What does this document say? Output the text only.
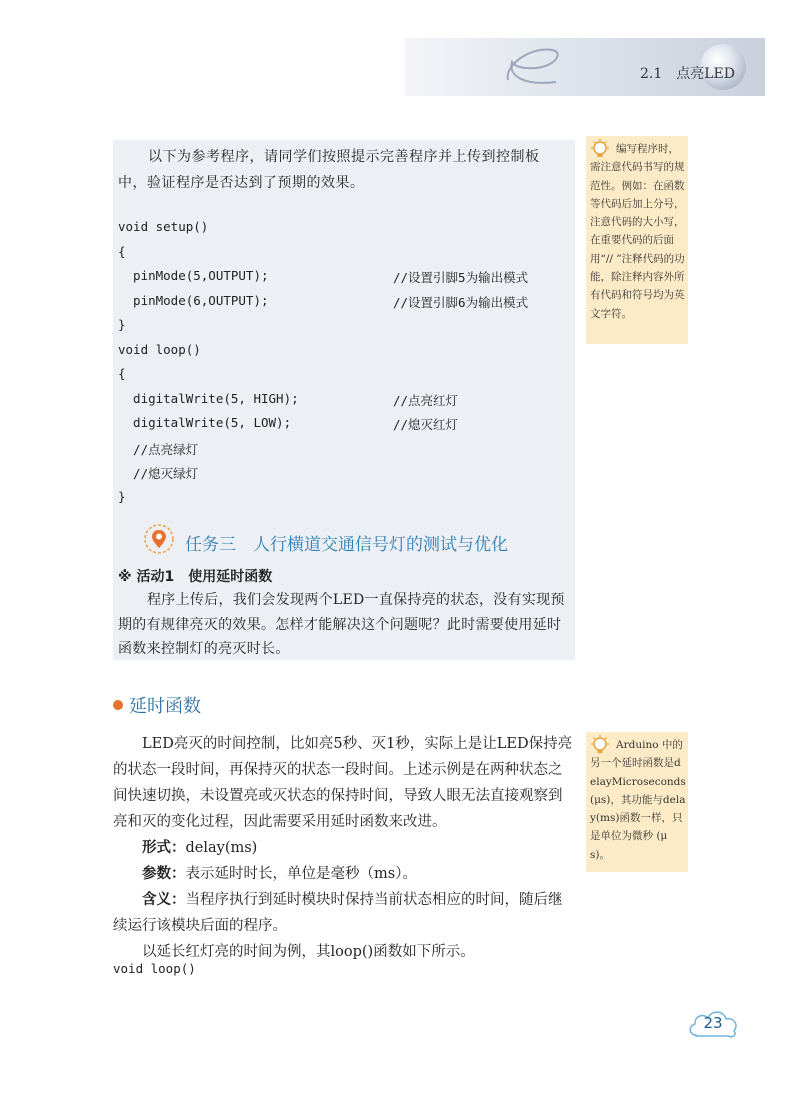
2.1　点亮LED
以下为参考程序，请同学们按照提示完善程序并上传到控制板
中，验证程序是否达到了预期的效果。
void setup()
{
pinMode(5,OUTPUT);
pinMode(6,OUTPUT);
}
void loop()
{
digitalWrite(5, HIGH);
digitalWrite(5, LOW);
//点亮绿灯
//熄灭绿灯
}
//设置引脚5为输出模式
//设置引脚6为输出模式
//点亮红灯
//熄灭红灯
任务三　人行横道交通信号灯的测试与优化
※ 活动1　使用延时函数
程序上传后，我们会发现两个LED一直保持亮的状态，没有实现预期的有规律亮灭的效果。怎样才能解决这个问题呢？此时需要使用延时函数来控制灯的亮灭时长。
编写程序时，需注意代码书写的规范性。例如：在函数等代码后加上分号，注意代码的大小写，在重要代码的后面用“// ”注释代码的功能，除注释内容外所有代码和符号均为英文字符。
延时函数

LED亮灭的时间控制，比如亮5秒、灭1秒，实际上是让LED保持亮的状态一段时间，再保持灭的状态一段时间。上述示例是在两种状态之间快速切换，未设置亮或灭状态的保持时间，导致人眼无法直接观察到亮和灭的变化过程，因此需要采用延时函数来改进。

形式：delay(ms)

参数：表示延时时长，单位是毫秒（ms）。

含义：当程序执行到延时模块时保持当前状态相应的时间，随后继续运行该模块后面的程序。

以延长红灯亮的时间为例，其loop()函数如下所示。

void loop()
Arduino 中的另一个延时函数是delayMicroseconds (μs)，其功能与delay(ms)函数一样，只是单位为微秒 (μs)。
23
